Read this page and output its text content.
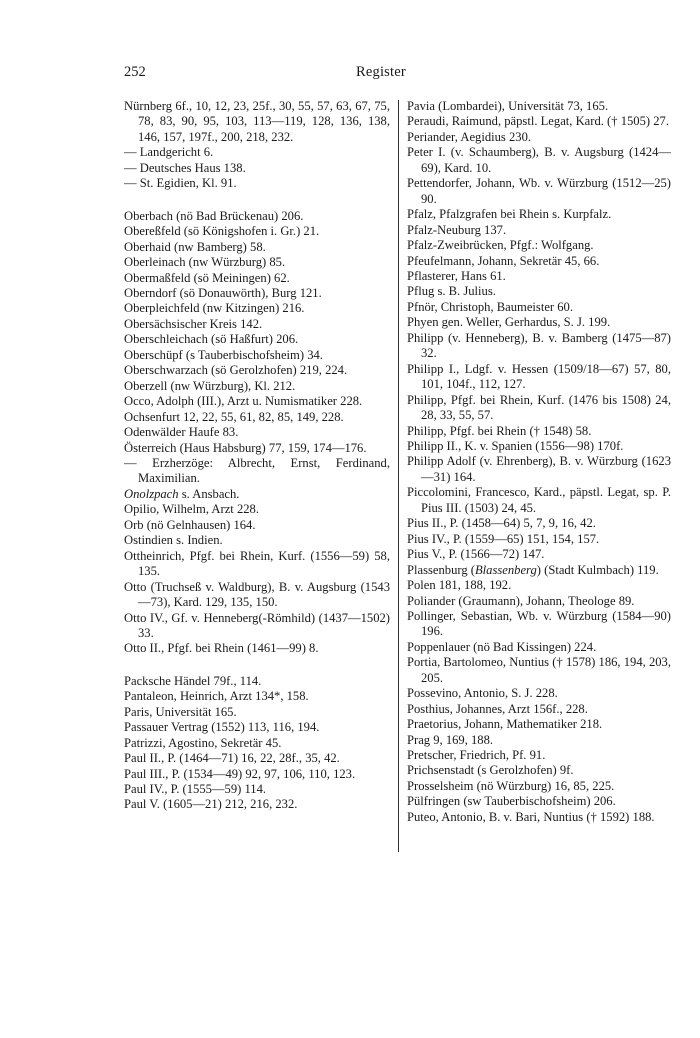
252	Register
Nürnberg 6f., 10, 12, 23, 25f., 30, 55, 57, 63, 67, 75, 78, 83, 90, 95, 103, 113—119, 128, 136, 138, 146, 157, 197f., 200, 218, 232.
— Landgericht 6.
— Deutsches Haus 138.
— St. Egidien, Kl. 91.
Oberbach (nö Bad Brückenau) 206.
Obereßfeld (sö Königshofen i. Gr.) 21.
Oberhaid (nw Bamberg) 58.
Oberleinach (nw Würzburg) 85.
Obermaßfeld (sö Meiningen) 62.
Oberndorf (sö Donauwörth), Burg 121.
Oberpleichfeld (nw Kitzingen) 216.
Obersächsischer Kreis 142.
Oberschleichach (sö Haßfurt) 206.
Oberschüpf (s Tauberbischofsheim) 34.
Oberschwarzach (sö Gerolzhofen) 219, 224.
Oberzell (nw Würzburg), Kl. 212.
Occo, Adolph (III.), Arzt u. Numismatiker 228.
Ochsenfurt 12, 22, 55, 61, 82, 85, 149, 228.
Odenwälder Haufe 83.
Österreich (Haus Habsburg) 77, 159, 174—176.
— Erzherzöge: Albrecht, Ernst, Ferdinand, Maximilian.
Onolzpach s. Ansbach.
Opilio, Wilhelm, Arzt 228.
Orb (nö Gelnhausen) 164.
Ostindien s. Indien.
Ottheinrich, Pfgf. bei Rhein, Kurf. (1556—59) 58, 135.
Otto (Truchseß v. Waldburg), B. v. Augsburg (1543—73), Kard. 129, 135, 150.
Otto IV., Gf. v. Henneberg(-Römhild) (1437—1502) 33.
Otto II., Pfgf. bei Rhein (1461—99) 8.
Packsche Händel 79f., 114.
Pantaleon, Heinrich, Arzt 134*, 158.
Paris, Universität 165.
Passauer Vertrag (1552) 113, 116, 194.
Patrizzi, Agostino, Sekretär 45.
Paul II., P. (1464—71) 16, 22, 28f., 35, 42.
Paul III., P. (1534—49) 92, 97, 106, 110, 123.
Paul IV., P. (1555—59) 114.
Paul V. (1605—21) 212, 216, 232.
Pavia (Lombardei), Universität 73, 165.
Peraudi, Raimund, päpstl. Legat, Kard. († 1505) 27.
Periander, Aegidius 230.
Peter I. (v. Schaumberg), B. v. Augsburg (1424—69), Kard. 10.
Pettendorfer, Johann, Wb. v. Würzburg (1512—25) 90.
Pfalz, Pfalzgrafen bei Rhein s. Kurpfalz.
Pfalz-Neuburg 137.
Pfalz-Zweibrücken, Pfgf.: Wolfgang.
Pfeufelmann, Johann, Sekretär 45, 66.
Pflasterer, Hans 61.
Pflug s. B. Julius.
Pfnör, Christoph, Baumeister 60.
Phyen gen. Weller, Gerhardus, S. J. 199.
Philipp (v. Henneberg), B. v. Bamberg (1475—87) 32.
Philipp I., Ldgf. v. Hessen (1509/18—67) 57, 80, 101, 104f., 112, 127.
Philipp, Pfgf. bei Rhein, Kurf. (1476 bis 1508) 24, 28, 33, 55, 57.
Philipp, Pfgf. bei Rhein († 1548) 58.
Philipp II., K. v. Spanien (1556—98) 170f.
Philipp Adolf (v. Ehrenberg), B. v. Würzburg (1623—31) 164.
Piccolomini, Francesco, Kard., päpstl. Legat, sp. P. Pius III. (1503) 24, 45.
Pius II., P. (1458—64) 5, 7, 9, 16, 42.
Pius IV., P. (1559—65) 151, 154, 157.
Pius V., P. (1566—72) 147.
Plassenburg (Blassenberg) (Stadt Kulmbach) 119.
Polen 181, 188, 192.
Poliander (Graumann), Johann, Theologe 89.
Pollinger, Sebastian, Wb. v. Würzburg (1584—90) 196.
Poppenlauer (nö Bad Kissingen) 224.
Portia, Bartolomeo, Nuntius († 1578) 186, 194, 203, 205.
Possevino, Antonio, S. J. 228.
Posthius, Johannes, Arzt 156f., 228.
Praetorius, Johann, Mathematiker 218.
Prag 9, 169, 188.
Pretscher, Friedrich, Pf. 91.
Prichsenstadt (s Gerolzhofen) 9f.
Prosselsheim (nö Würzburg) 16, 85, 225.
Pülfringen (sw Tauberbischofsheim) 206.
Puteo, Antonio, B. v. Bari, Nuntius († 1592) 188.
